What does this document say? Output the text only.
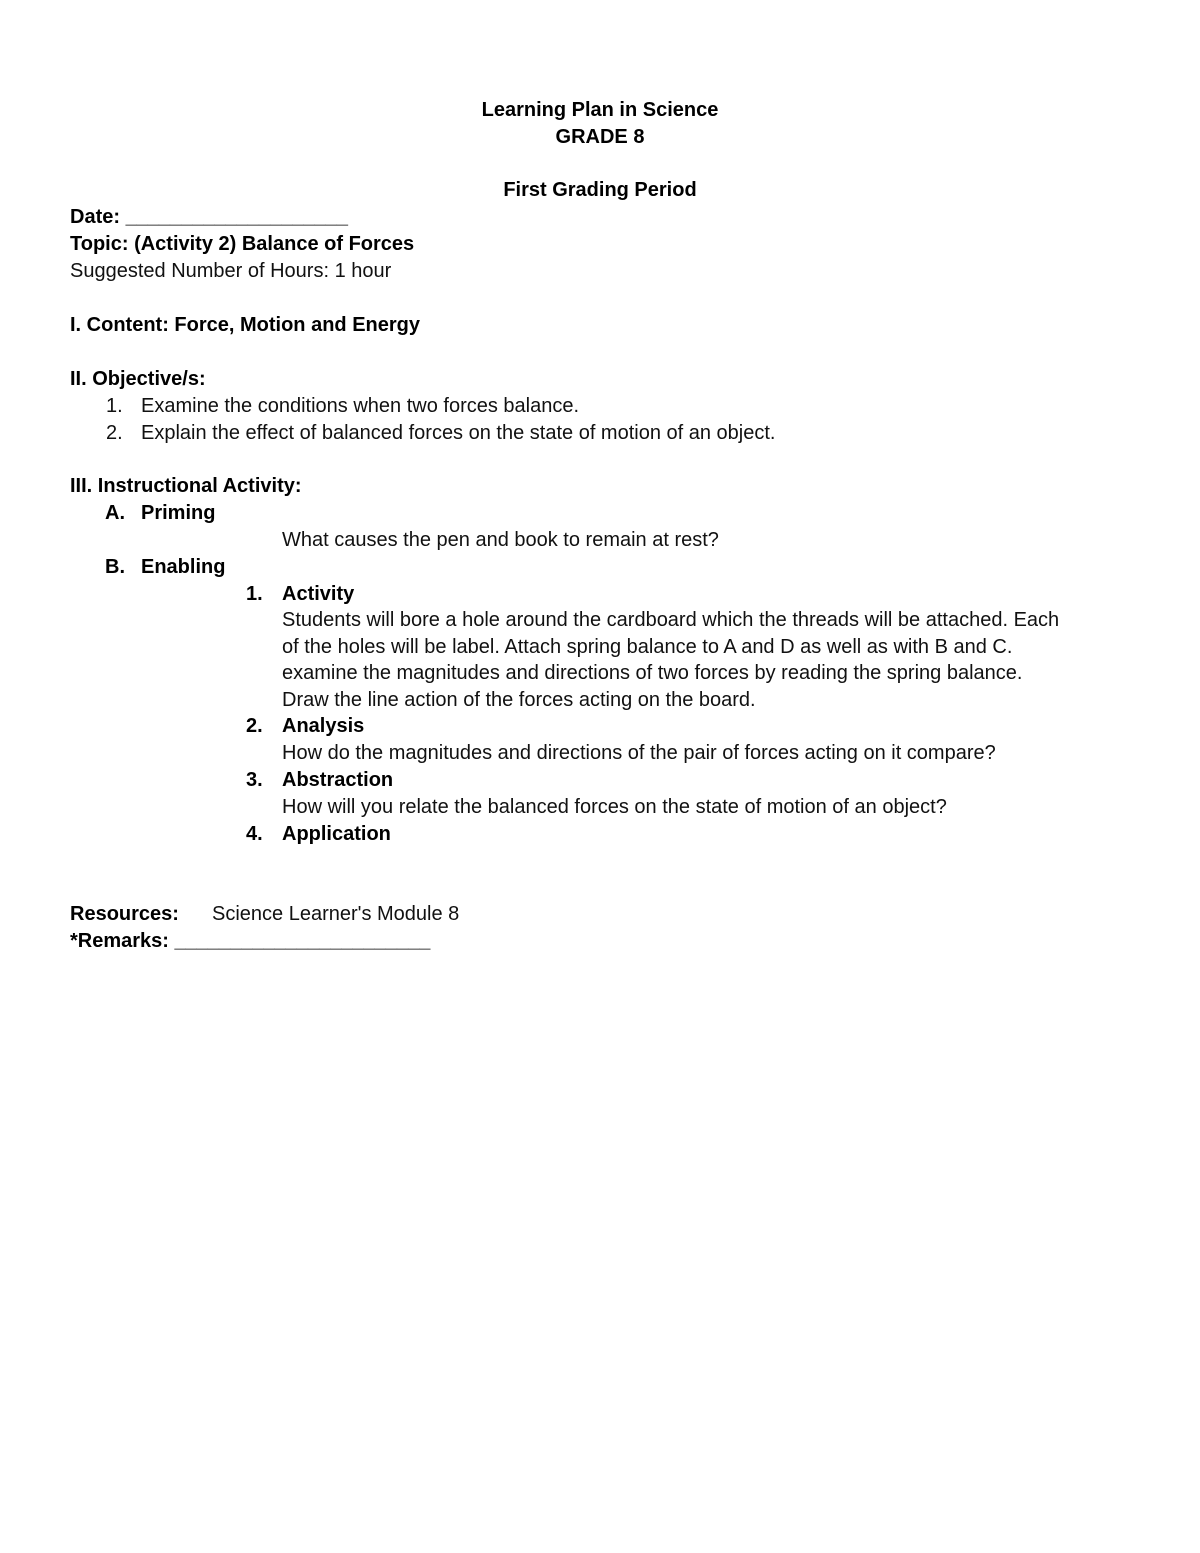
Learning Plan in Science
GRADE 8
First Grading Period
Date: ____________________
Topic: (Activity 2) Balance of Forces
Suggested Number of Hours: 1 hour
I. Content: Force, Motion and Energy
II. Objective/s:
1. Examine the conditions when two forces balance.
2. Explain the effect of balanced forces on the state of motion of an object.
III. Instructional Activity:
A. Priming
What causes the pen and book to remain at rest?
B. Enabling
1. Activity
Students will bore a hole around the cardboard which the threads will be attached. Each
of the holes will be label. Attach spring balance to A and D as well as with B and C.
examine the magnitudes and directions of two forces by reading the spring balance.
Draw the line action of the forces acting on the board.
2. Analysis
How do the magnitudes and directions of the pair of forces acting on it compare?
3. Abstraction
How will you relate the balanced forces on the state of motion of an object?
4. Application
Resources: Science Learner's Module 8
*Remarks: _______________________
